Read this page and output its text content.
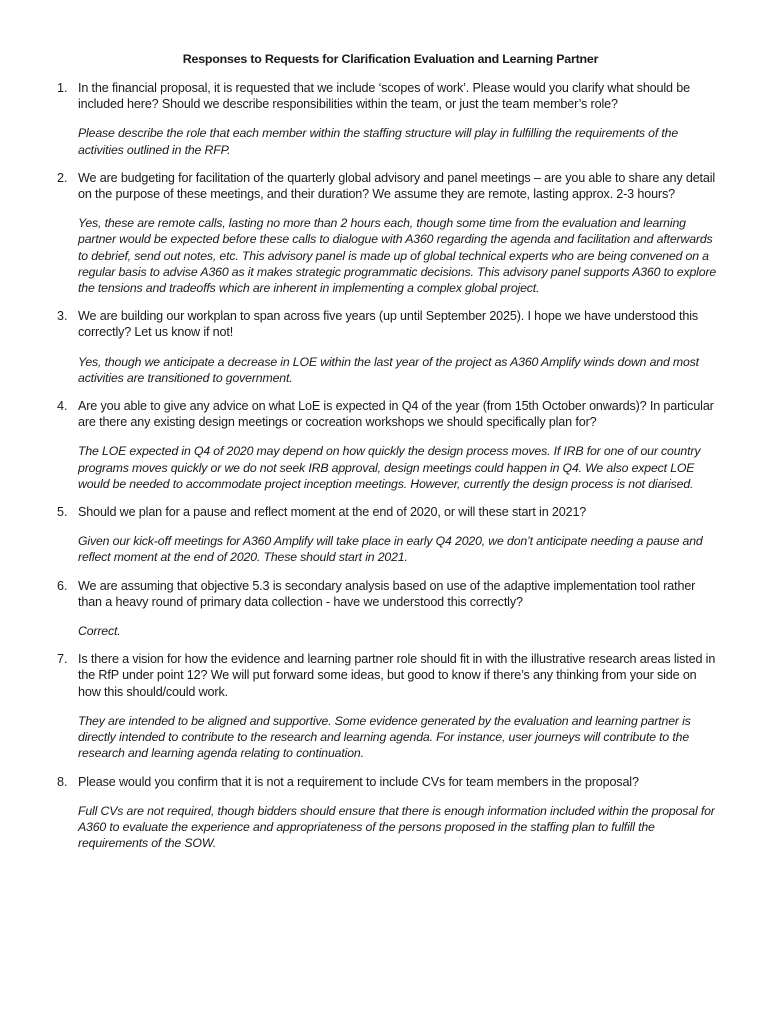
Responses to Requests for Clarification Evaluation and Learning Partner
1. In the financial proposal, it is requested that we include ‘scopes of work’. Please would you clarify what should be included here? Should we describe responsibilities within the team, or just the team member’s role?

Please describe the role that each member within the staffing structure will play in fulfilling the requirements of the activities outlined in the RFP.

2. We are budgeting for facilitation of the quarterly global advisory and panel meetings – are you able to share any detail on the purpose of these meetings, and their duration? We assume they are remote, lasting approx. 2-3 hours?

Yes, these are remote calls, lasting no more than 2 hours each, though some time from the evaluation and learning partner would be expected before these calls to dialogue with A360 regarding the agenda and facilitation and afterwards to debrief, send out notes, etc. This advisory panel is made up of global technical experts who are being convened on a regular basis to advise A360 as it makes strategic programmatic decisions. This advisory panel supports A360 to explore the tensions and tradeoffs which are inherent in implementing a complex global project.

3. We are building our workplan to span across five years (up until September 2025). I hope we have understood this correctly? Let us know if not!

Yes, though we anticipate a decrease in LOE within the last year of the project as A360 Amplify winds down and most activities are transitioned to government.

4. Are you able to give any advice on what LoE is expected in Q4 of the year (from 15th October onwards)? In particular are there any existing design meetings or cocreation workshops we should specifically plan for?

The LOE expected in Q4 of 2020 may depend on how quickly the design process moves. If IRB for one of our country programs moves quickly or we do not seek IRB approval, design meetings could happen in Q4. We also expect LOE would be needed to accommodate project inception meetings. However, currently the design process is not diarised.

5. Should we plan for a pause and reflect moment at the end of 2020, or will these start in 2021?

Given our kick-off meetings for A360 Amplify will take place in early Q4 2020, we don’t anticipate needing a pause and reflect moment at the end of 2020. These should start in 2021.

6. We are assuming that objective 5.3 is secondary analysis based on use of the adaptive implementation tool rather than a heavy round of primary data collection - have we understood this correctly?

Correct.

7. Is there a vision for how the evidence and learning partner role should fit in with the illustrative research areas listed in the RfP under point 12? We will put forward some ideas, but good to know if there’s any thinking from your side on how this should/could work.

They are intended to be aligned and supportive. Some evidence generated by the evaluation and learning partner is directly intended to contribute to the research and learning agenda. For instance, user journeys will contribute to the research and learning agenda relating to continuation.

8. Please would you confirm that it is not a requirement to include CVs for team members in the proposal?

Full CVs are not required, though bidders should ensure that there is enough information included within the proposal for A360 to evaluate the experience and appropriateness of the persons proposed in the staffing plan to fulfill the requirements of the SOW.
